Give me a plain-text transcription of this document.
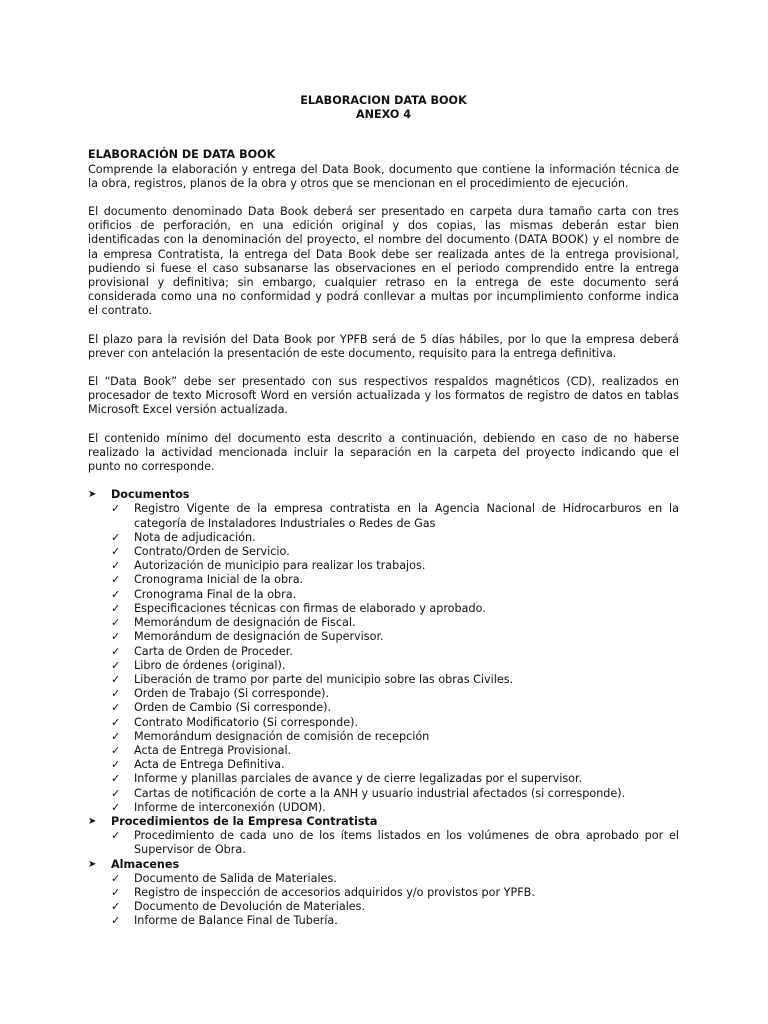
ELABORACION DATA BOOK
ANEXO 4
ELABORACIÓN DE DATA BOOK

Comprende la elaboración y entrega del Data Book, documento que contiene la información técnica de la obra, registros, planos de la obra y otros que se mencionan en el procedimiento de ejecución.

El documento denominado Data Book deberá ser presentado en carpeta dura tamaño carta con tres orificios de perforación, en una edición original y dos copias, las mismas deberán estar bien identificadas con la denominación del proyecto, el nombre del documento (DATA BOOK) y el nombre de la empresa Contratista, la entrega del Data Book debe ser realizada antes de la entrega provisional, pudiendo si fuese el caso subsanarse las observaciones en el periodo comprendido entre la entrega provisional y definitiva; sin embargo, cualquier retraso en la entrega de este documento será considerada como una no conformidad y podrá conllevar a multas por incumplimiento conforme indica el contrato.

El plazo para la revisión del Data Book por YPFB será de 5 días hábiles, por lo que la empresa deberá prever con antelación la presentación de este documento, requisito para la entrega definitiva.

El “Data Book” debe ser presentado con sus respectivos respaldos magnéticos (CD), realizados en procesador de texto Microsoft Word en versión actualizada y los formatos de registro de datos en tablas Microsoft Excel versión actualizada.

El contenido mínimo del documento esta descrito a continuación, debiendo en caso de no haberse realizado la actividad mencionada incluir la separación en la carpeta del proyecto indicando que el punto no corresponde.

➤ Documentos
✓ Registro Vigente de la empresa contratista en la Agencia Nacional de Hidrocarburos en la categoría de Instaladores Industriales o Redes de Gas
✓ Nota de adjudicación.
✓ Contrato/Orden de Servicio.
✓ Autorización de municipio para realizar los trabajos.
✓ Cronograma Inicial de la obra.
✓ Cronograma Final de la obra.
✓ Especificaciones técnicas con firmas de elaborado y aprobado.
✓ Memorándum de designación de Fiscal.
✓ Memorándum de designación de Supervisor.
✓ Carta de Orden de Proceder.
✓ Libro de órdenes (original).
✓ Liberación de tramo por parte del municipio sobre las obras Civiles.
✓ Orden de Trabajo (Si corresponde).
✓ Orden de Cambio (Si corresponde).
✓ Contrato Modificatorio (Si corresponde).
✓ Memorándum designación de comisión de recepción
✓ Acta de Entrega Provisional.
✓ Acta de Entrega Definitiva.
✓ Informe y planillas parciales de avance y de cierre legalizadas por el supervisor.
✓ Cartas de notificación de corte a la ANH y usuario industrial afectados (si corresponde).
✓ Informe de interconexión (UDOM).
➤ Procedimientos de la Empresa Contratista
✓ Procedimiento de cada uno de los ítems listados en los volúmenes de obra aprobado por el Supervisor de Obra.
➤ Almacenes
✓ Documento de Salida de Materiales.
✓ Registro de inspección de accesorios adquiridos y/o provistos por YPFB.
✓ Documento de Devolución de Materiales.
✓ Informe de Balance Final de Tubería.
